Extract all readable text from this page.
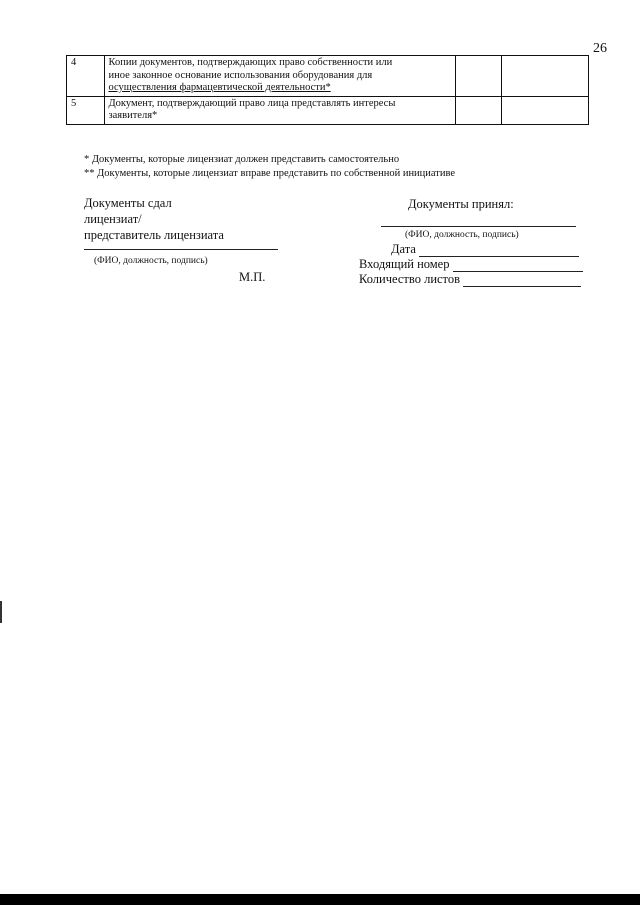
26
4	Копии документов, подтверждающих право собственности или
иное законное основание использования оборудования для
осуществления фармацевтической деятельности*		

5	Документ, подтверждающий право лица представлять интересы
заявителя*		

* Документы, которые лицензиат должен представить самостоятельно
** Документы, которые лицензиат вправе представить по собственной инициативе
Документы сдал
лицензиат/
представитель лицензиата
(ФИО, должность, подпись)
М.П.
Документы принял:
(ФИО, должность, подпись)
Дата
Входящий номер
Количество листов
